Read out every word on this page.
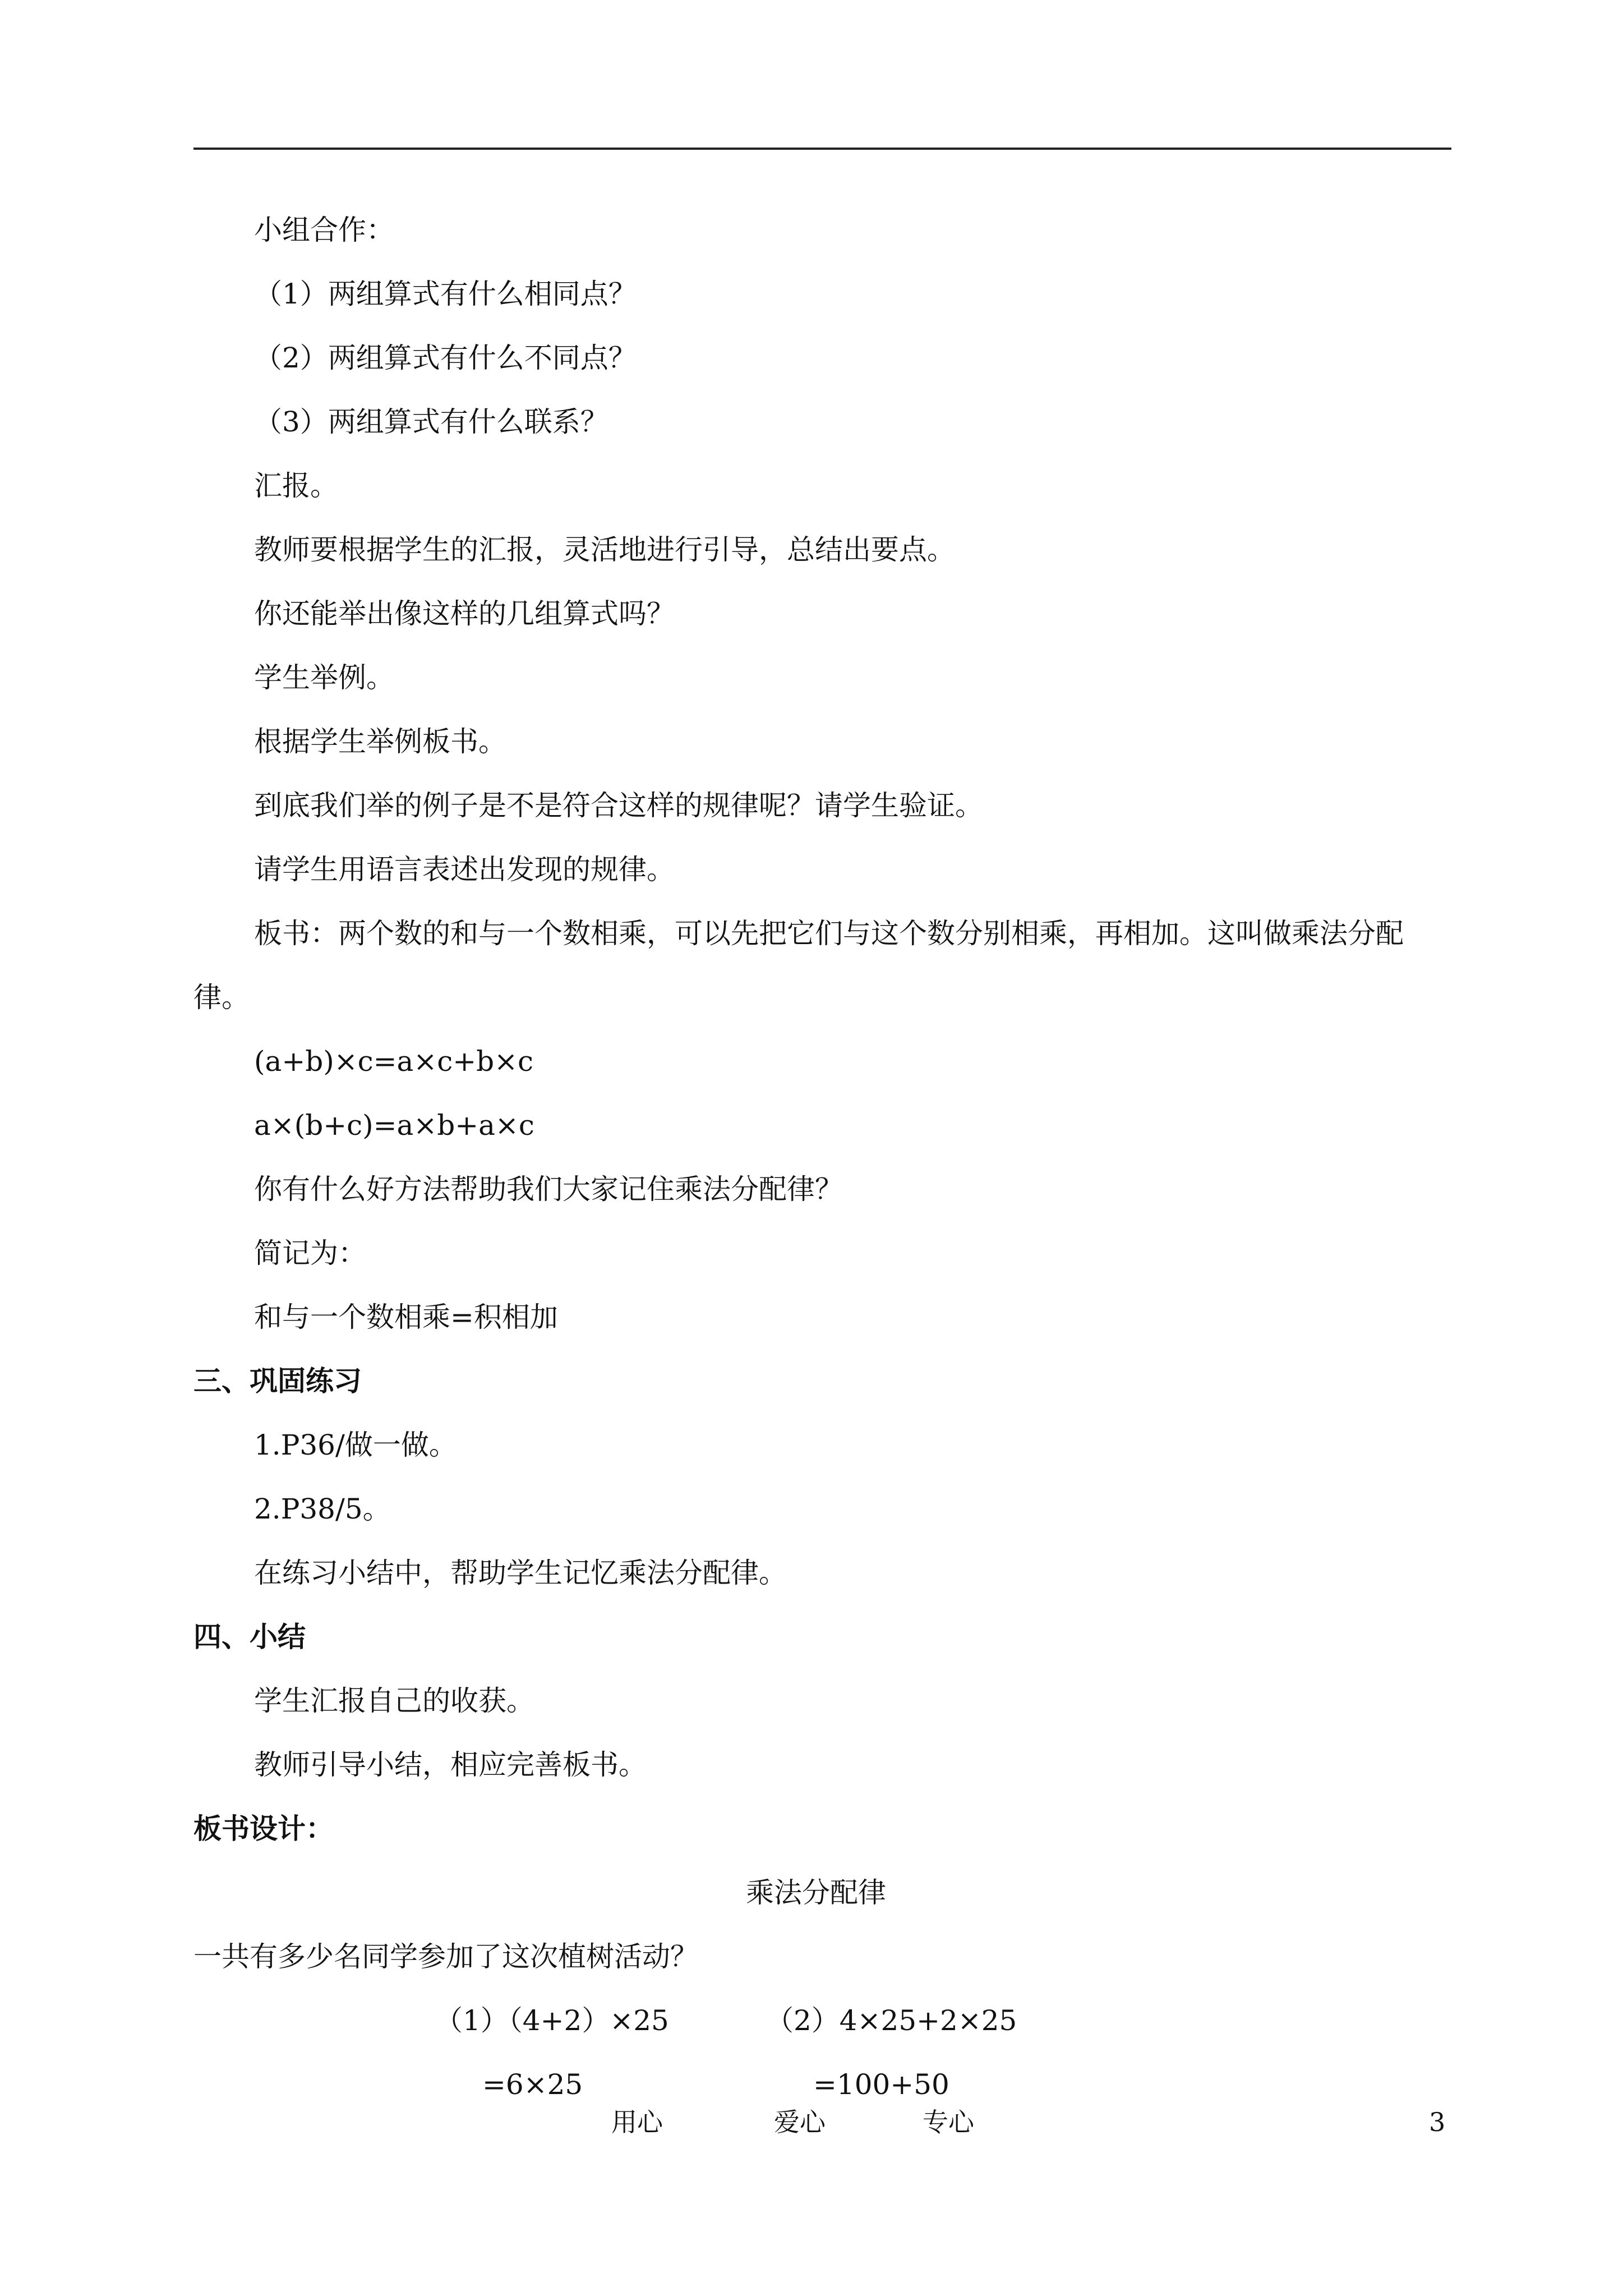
小组合作：
（1）两组算式有什么相同点？
（2）两组算式有什么不同点？
（3）两组算式有什么联系？
汇报。
教师要根据学生的汇报，灵活地进行引导，总结出要点。
你还能举出像这样的几组算式吗？
学生举例。
根据学生举例板书。
到底我们举的例子是不是符合这样的规律呢？请学生验证。
请学生用语言表述出发现的规律。
板书：两个数的和与一个数相乘，可以先把它们与这个数分别相乘，再相加。这叫做乘法分配
律。
(a+b)×c=a×c+b×c
a×(b+c)=a×b+a×c
你有什么好方法帮助我们大家记住乘法分配律？
简记为：
和与一个数相乘=积相加
三、巩固练习
1.P36/做一做。
2.P38/5。
在练习小结中，帮助学生记忆乘法分配律。
四、小结
学生汇报自己的收获。
教师引导小结，相应完善板书。
板书设计：
乘法分配律
一共有多少名同学参加了这次植树活动？
（1）（4+2）×25	（2）4×25+2×25
=6×25	=100+50
用心	爱心	专心	3
